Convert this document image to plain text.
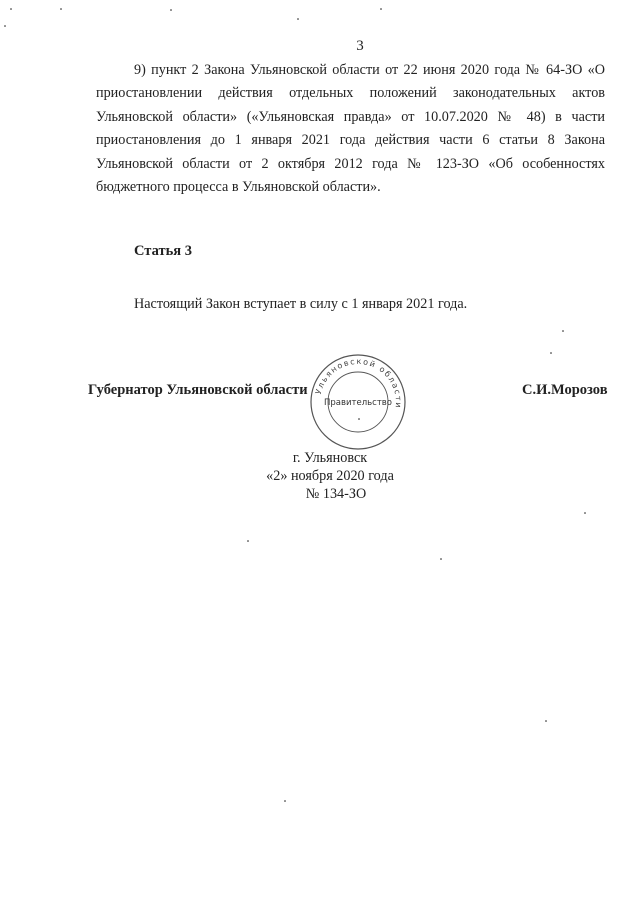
3

9) пункт 2 Закона Ульяновской области от 22 июня 2020 года № 64-ЗО «О приостановлении действия отдельных положений законодательных актов Ульяновской области» («Ульяновская правда» от 10.07.2020 № 48) в части приостановления до 1 января 2021 года действия части 6 статьи 8 Закона Ульяновской области от 2 октября 2012 года № 123-ЗО «Об особенностях бюджетного процесса в Ульяновской области».

Статья 3
Настоящий Закон вступает в силу с 1 января 2021 года.
Губернатор Ульяновской области	С.И.Морозов
Ульяновской области
Правительство
г. Ульяновск
«2» ноября 2020 года
№ 134-ЗО
